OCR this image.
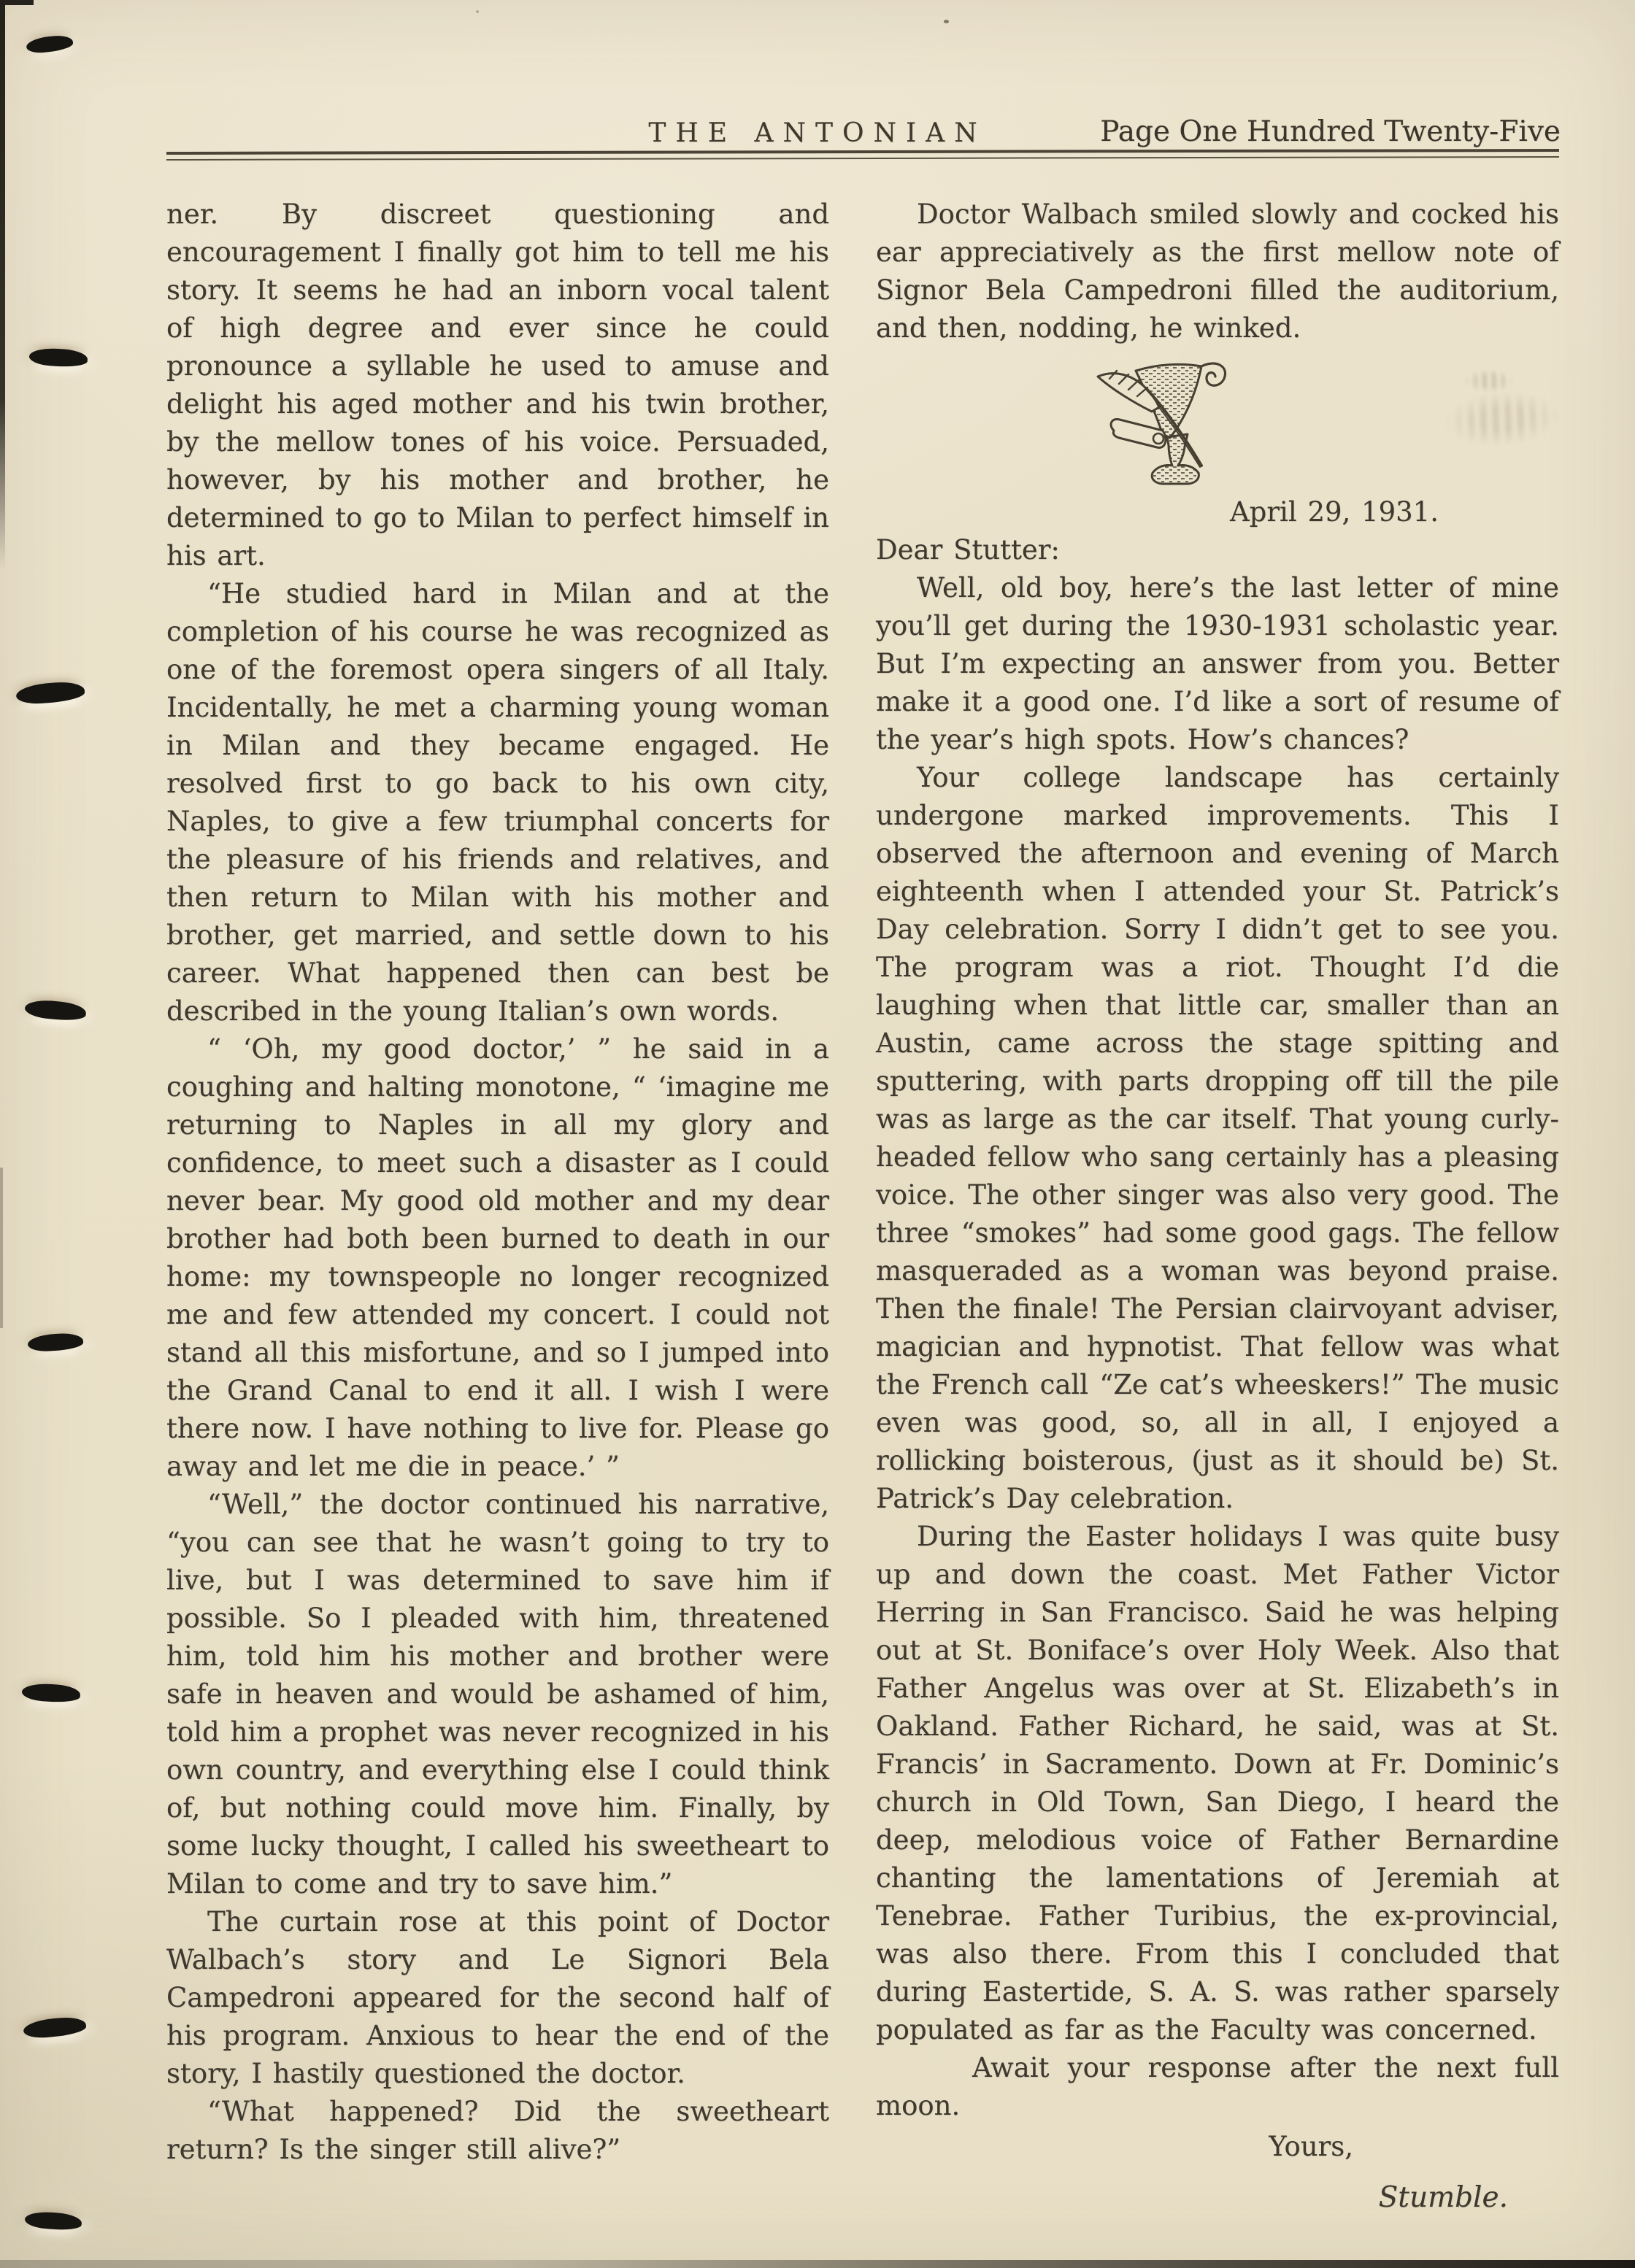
THE ANTONIAN	Page One Hundred Twenty-Five

ner. By discreet questioning and encouragement I finally got him to tell me his story. It seems he had an inborn vocal talent of high degree and ever since he could pronounce a syllable he used to amuse and delight his aged mother and his twin brother, by the mellow tones of his voice. Persuaded, however, by his mother and brother, he determined to go to Milan to perfect himself in his art.

“He studied hard in Milan and at the completion of his course he was recognized as one of the foremost opera singers of all Italy. Incidentally, he met a charming young woman in Milan and they became engaged. He resolved first to go back to his own city, Naples, to give a few triumphal concerts for the pleasure of his friends and relatives, and then return to Milan with his mother and brother, get married, and settle down to his career. What happened then can best be described in the young Italian’s own words.

“ ‘Oh, my good doctor,’ ” he said in a coughing and halting monotone, “ ‘imagine me returning to Naples in all my glory and confidence, to meet such a disaster as I could never bear. My good old mother and my dear brother had both been burned to death in our home: my townspeople no longer recognized me and few attended my concert. I could not stand all this misfortune, and so I jumped into the Grand Canal to end it all. I wish I were there now. I have nothing to live for. Please go away and let me die in peace.’ ”

“Well,” the doctor continued his narrative, “you can see that he wasn’t going to try to live, but I was determined to save him if possible. So I pleaded with him, threatened him, told him his mother and brother were safe in heaven and would be ashamed of him, told him a prophet was never recognized in his own country, and everything else I could think of, but nothing could move him. Finally, by some lucky thought, I called his sweetheart to Milan to come and try to save him.”

The curtain rose at this point of Doctor Walbach’s story and Le Signori Bela Campedroni appeared for the second half of his program. Anxious to hear the end of the story, I hastily questioned the doctor.

“What happened? Did the sweetheart return? Is the singer still alive?”

Doctor Walbach smiled slowly and cocked his ear appreciatively as the first mellow note of Signor Bela Campedroni filled the auditorium, and then, nodding, he winked.

April 29, 1931.

Dear Stutter:

Well, old boy, here’s the last letter of mine you’ll get during the 1930-1931 scholastic year. But I’m expecting an answer from you. Better make it a good one. I’d like a sort of resume of the year’s high spots. How’s chances?

Your college landscape has certainly undergone marked improvements. This I observed the afternoon and evening of March eighteenth when I attended your St. Patrick’s Day celebration. Sorry I didn’t get to see you. The program was a riot. Thought I’d die laughing when that little car, smaller than an Austin, came across the stage spitting and sputtering, with parts dropping off till the pile was as large as the car itself. That young curly-headed fellow who sang certainly has a pleasing voice. The other singer was also very good. The three “smokes” had some good gags. The fellow masqueraded as a woman was beyond praise. Then the finale! The Persian clairvoyant adviser, magician and hypnotist. That fellow was what the French call “Ze cat’s wheeskers!” The music even was good, so, all in all, I enjoyed a rollicking boisterous, (just as it should be) St. Patrick’s Day celebration.

During the Easter holidays I was quite busy up and down the coast. Met Father Victor Herring in San Francisco. Said he was helping out at St. Boniface’s over Holy Week. Also that Father Angelus was over at St. Elizabeth’s in Oakland. Father Richard, he said, was at St. Francis’ in Sacramento. Down at Fr. Dominic’s church in Old Town, San Diego, I heard the deep, melodious voice of Father Bernardine chanting the lamentations of Jeremiah at Tenebrae. Father Turibius, the ex-provincial, was also there. From this I concluded that during Eastertide, S. A. S. was rather sparsely populated as far as the Faculty was concerned.

Await your response after the next full moon.

Yours,

Stumble.
